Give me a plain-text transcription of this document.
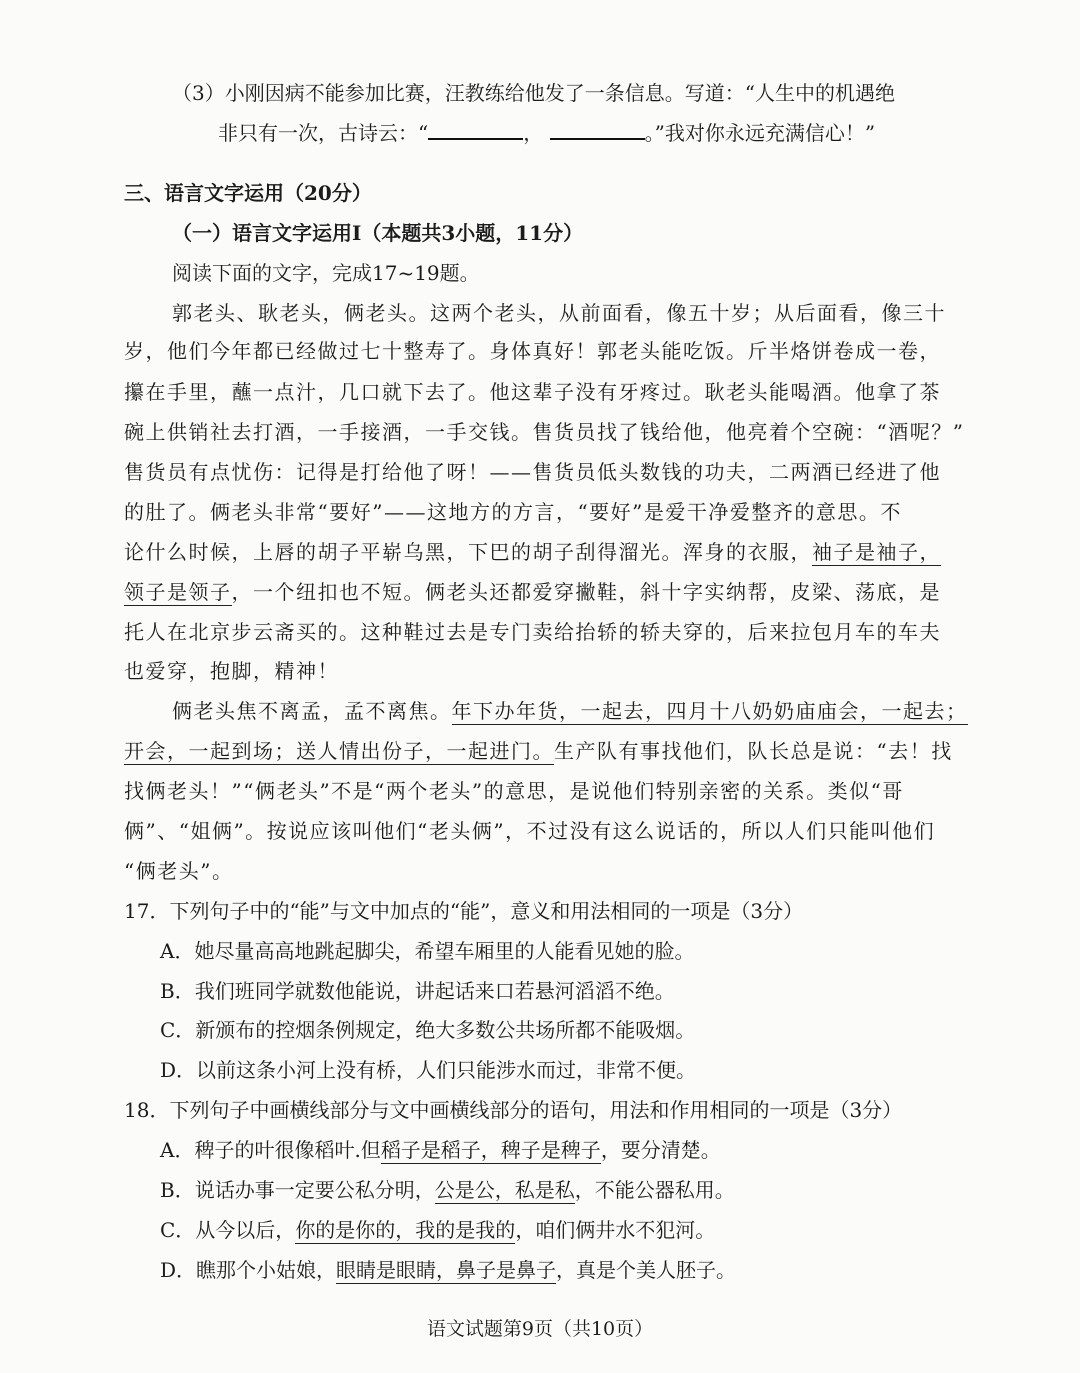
（3）小刚因病不能参加比赛，汪教练给他发了一条信息。写道：“人生中的机遇绝
非只有一次，古诗云：“	，	。”我对你永远充满信心！”
三、语言文字运用（20分）
（一）语言文字运用Ⅰ（本题共3小题，11分）
阅读下面的文字，完成17~19题。
郭老头、耿老头，俩老头。这两个老头，从前面看，像五十岁；从后面看，像三十
岁，他们今年都已经做过七十整寿了。身体真好！郭老头能吃饭。斤半烙饼卷成一卷，
攥在手里，蘸一点汁，几口就下去了。他这辈子没有牙疼过。耿老头能喝酒。他拿了茶
碗上供销社去打酒，一手接酒，一手交钱。售货员找了钱给他，他亮着个空碗：“酒呢？”
售货员有点忧伤：记得是打给他了呀！——售货员低头数钱的功夫，二两酒已经进了他
的肚了。俩老头非常“要好”——这地方的方言，“要好”是爱干净爱整齐的意思。不
论什么时候，上唇的胡子平崭乌黑，下巴的胡子刮得溜光。浑身的衣服，袖子是袖子，
领子是领子，一个纽扣也不短。俩老头还都爱穿撇鞋，斜十字实纳帮，皮梁、荡底，是
托人在北京步云斋买的。这种鞋过去是专门卖给抬轿的轿夫穿的，后来拉包月车的车夫
也爱穿，抱脚，精神！
俩老头焦不离孟，孟不离焦。年下办年货，一起去，四月十八奶奶庙庙会，一起去；
开会，一起到场；送人情出份子，一起进门。生产队有事找他们，队长总是说：“去！找
找俩老头！”“俩老头”不是“两个老头”的意思，是说他们特别亲密的关系。类似“哥
俩”、“姐俩”。按说应该叫他们“老头俩”，不过没有这么说话的，所以人们只能叫他们
“俩老头”。
17．下列句子中的“能”与文中加点的“能”，意义和用法相同的一项是（3分）
A．她尽量高高地跳起脚尖，希望车厢里的人能看见她的脸。
B．我们班同学就数他能说，讲起话来口若悬河滔滔不绝。
C．新颁布的控烟条例规定，绝大多数公共场所都不能吸烟。
D．以前这条小河上没有桥，人们只能涉水而过，非常不便。
18．下列句子中画横线部分与文中画横线部分的语句，用法和作用相同的一项是（3分）
A．稗子的叶很像稻叶.但稻子是稻子，稗子是稗子，要分清楚。
B．说话办事一定要公私分明，公是公，私是私，不能公器私用。
C．从今以后，你的是你的，我的是我的，咱们俩井水不犯河。
D．瞧那个小姑娘，眼睛是眼睛，鼻子是鼻子，真是个美人胚子。
语文试题第9页（共10页）
